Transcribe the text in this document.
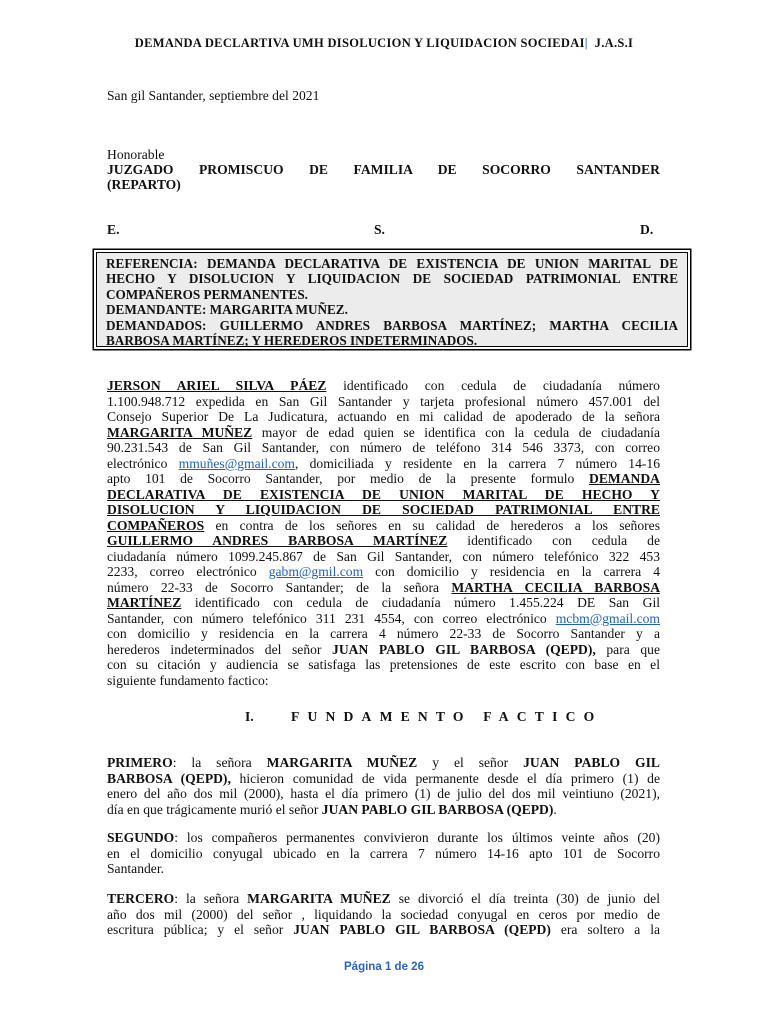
DEMANDA DECLARTIVA UMH DISOLUCION Y LIQUIDACION SOCIEDAI| J.A.S.I
San gil Santander, septiembre del 2021
Honorable
JUZGADO PROMISCUO DE FAMILIA DE SOCORRO SANTANDER
(REPARTO)
E.	S.	D.
REFERENCIA: DEMANDA DECLARATIVA DE EXISTENCIA DE UNION MARITAL DE HECHO Y DISOLUCION Y LIQUIDACION DE SOCIEDAD PATRIMONIAL ENTRE COMPAÑEROS PERMANENTES.
DEMANDANTE: MARGARITA MUÑEZ.
DEMANDADOS: GUILLERMO ANDRES BARBOSA MARTÍNEZ; MARTHA CECILIA BARBOSA MARTÍNEZ; Y HEREDEROS INDETERMINADOS.

JERSON ARIEL SILVA PÁEZ identificado con cedula de ciudadanía número

1.100.948.712 expedida en San Gil Santander y tarjeta profesional número 457.001 del

Consejo Superior De La Judicatura, actuando en mi calidad de apoderado de la señora

MARGARITA MUÑEZ mayor de edad quien se identifica con la cedula de ciudadanía

90.231.543 de San Gil Santander, con número de teléfono 314 546 3373, con correo

electrónico mmuñes@gmail.com, domiciliada y residente en la carrera 7 número 14-16

apto 101 de Socorro Santander, por medio de la presente formulo DEMANDA

DECLARATIVA DE EXISTENCIA DE UNION MARITAL DE HECHO Y

DISOLUCION Y LIQUIDACION DE SOCIEDAD PATRIMONIAL ENTRE

COMPAÑEROS en contra de los señores en su calidad de herederos a los señores

GUILLERMO ANDRES BARBOSA MARTÍNEZ identificado con cedula de

ciudadanía número 1099.245.867 de San Gil Santander, con número telefónico 322 453

2233, correo electrónico gabm@gmil.com con domicilio y residencia en la carrera 4

número 22-33 de Socorro Santander; de la señora MARTHA CECILIA BARBOSA

MARTÍNEZ identificado con cedula de ciudadanía número 1.455.224 DE San Gil

Santander, con número telefónico 311 231 4554, con correo electrónico mcbm@gmail.com

con domicilio y residencia en la carrera 4 número 22-33 de Socorro Santander y a

herederos indeterminados del señor JUAN PABLO GIL BARBOSA (QEPD), para que

con su citación y audiencia se satisfaga las pretensiones de este escrito con base en el

siguiente fundamento factico:

I.	FUNDAMENTO FACTICO

PRIMERO: la señora MARGARITA MUÑEZ y el señor JUAN PABLO GIL

BARBOSA (QEPD), hicieron comunidad de vida permanente desde el día primero (1) de

enero del año dos mil (2000), hasta el día primero (1) de julio del dos mil veintiuno (2021),

día en que trágicamente murió el señor JUAN PABLO GIL BARBOSA (QEPD).

SEGUNDO: los compañeros permanentes convivieron durante los últimos veinte años (20)

en el domicilio conyugal ubicado en la carrera 7 número 14-16 apto 101 de Socorro

Santander.

TERCERO: la señora MARGARITA MUÑEZ se divorció el día treinta (30) de junio del

año dos mil (2000) del señor , liquidando la sociedad conyugal en ceros por medio de

escritura pública; y el señor JUAN PABLO GIL BARBOSA (QEPD) era soltero a la

Página 1 de 26
